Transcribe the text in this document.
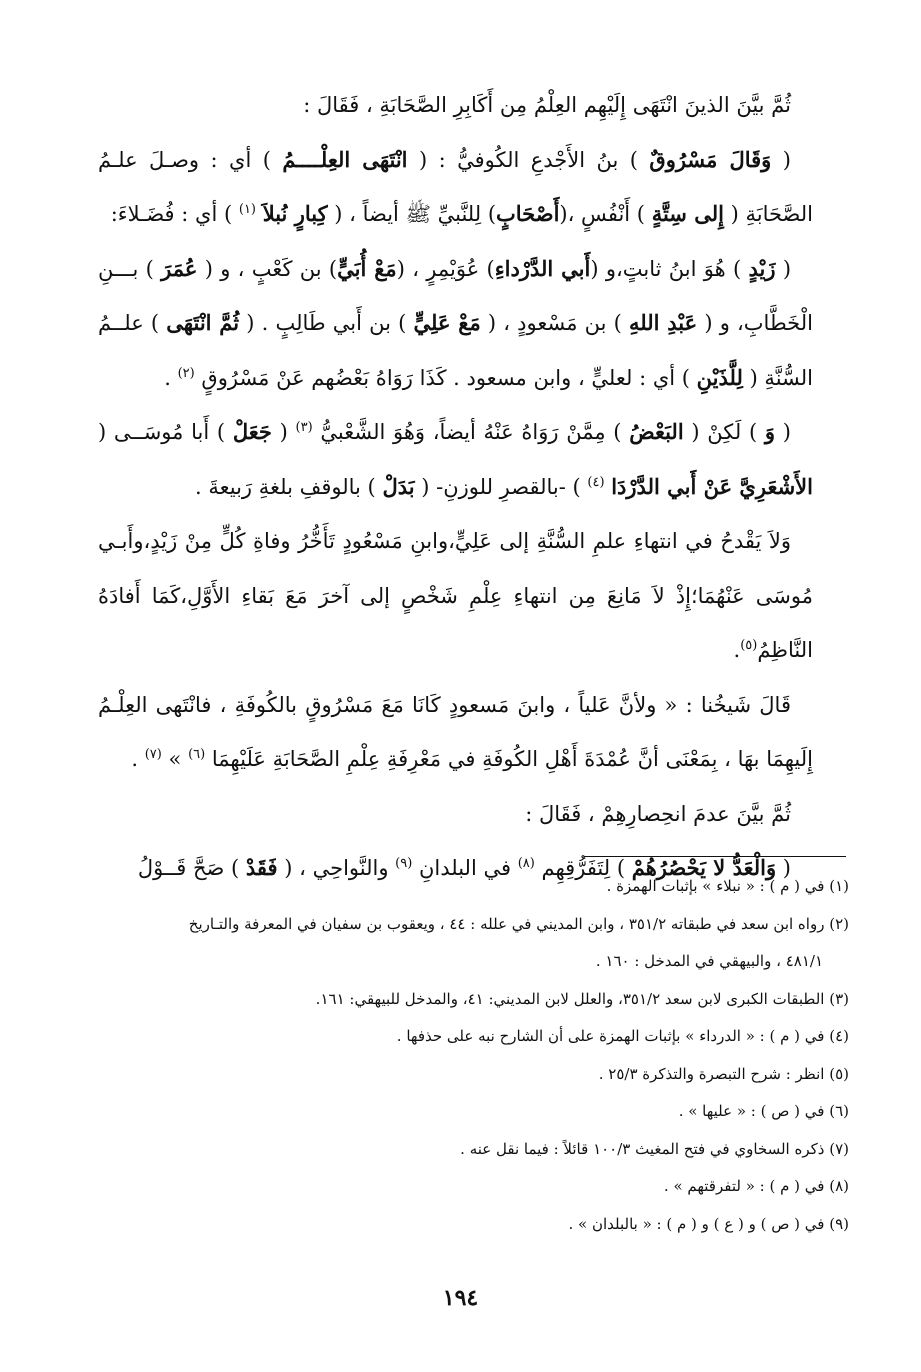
ثُمَّ بيَّنَ الذينَ انْتَهَى إِلَيْهِم العِلْمُ مِن أَكَابِرِ الصَّحَابَةِ ، فَقَالَ :

( وَقَالَ مَسْرُوقٌ ) بنُ الأَجْدعِ الكُوفيُّ : ( انْتَهَى العِلْــــمُ ) أي : وصـلَ علـمُ الصَّحَابَةِ ( إِلى سِتَّةٍ ) أَنْفُسٍ ،(أَصْحَابٍ) لِلنَّبيِّ ﷺ أيضاً ، ( كِبارٍ نُبلاَ $^{(١)}$ ) أي : فُضَـلاءَ:

( زَيْدٍ ) هُوَ ابنُ ثابتٍ،و (أَبي الدَّرْداءِ) عُوَيْمِرٍ ، (مَعْ أُبَيٍّ) بن كَعْبٍ ، و ( عُمَرَ ) بـــنِ الْخَطَّابِ، و ( عَبْدِ اللهِ ) بن مَسْعودٍ ، ( مَعْ عَلِيٍّ ) بن أَبي طَالِبٍ . ( ثُمَّ انْتَهَى ) علــمُ السُّنَّةِ ( لِلَّذَيْنِ ) أي : لعليٍّ ، وابن مسعود . كَذَا رَوَاهُ بَعْضُهم عَنْ مَسْرُوقٍ $^{(٢)}$ .

( وَ ) لَكِنْ ( البَعْضُ ) مِمَّنْ رَوَاهُ عَنْهُ أيضاً، وَهُوَ الشَّعْبيُّ $^{(٣)}$ ( جَعَلْ ) أَبا مُوسَــى ( الأَشْعَرِيَّ عَنْ أَبي الدَّرْدَا $^{(٤)}$ ) -بالقصرِ للوزنِ- ( بَدَلْ ) بالوقفِ بلغةِ رَبيعةَ .

وَلاَ يَقْدحُ في انتهاءِ علمِ السُّنَّةِ إلى عَلِيٍّ،وابنِ مَسْعُودٍ تَأَخُّرُ وفاةِ كُلٍّ مِنْ زَيْدٍ،وأَبـي مُوسَى عَنْهُمَا؛إِذْ لاَ مَانِعَ مِن انتهاءِ عِلْمِ شَخْصٍ إلى آخرَ مَعَ بَقاءِ الأَوَّلِ،كَمَا أَفادَهُ النَّاظِمُ$^{(٥)}$.

قَالَ شَيخُنا : « ولأنَّ عَلياً ، وابنَ مَسعودٍ كَانَا مَعَ مَسْرُوقٍ بالكُوفَةِ ، فانْتَهى العِلْـمُ إِلَيهِمَا بهَا ، بِمَعْنَى أنَّ عُمْدَةَ أَهْلِ الكُوفَةِ في مَعْرِفَةِ عِلْمِ الصَّحَابَةِ عَلَيْهِمَا $^{(٦)}$ » $^{(٧)}$ .

ثُمَّ بيَّنَ عدمَ انحِصارِهِمْ ، فَقَالَ :

( وَالْعَدُّ لا يَحْصُرُهُمْ ) لِتَفَرُّقِهِم $^{(٨)}$ في البلدانِ $^{(٩)}$ والنَّواحِي ، ( فَقَدْ ) صَحَّ قَــوْلُ

(١) في ( م ) : « نبلاء » بإثبات الهمزة .

(٢) رواه ابن سعد في طبقاته ٣٥١/٢ ، وابن المديني في علله : ٤٤ ، ويعقوب بن سفيان في المعرفة والتـاريخ

٤٨١/١ ، والبيهقي في المدخل : ١٦٠ .

(٣) الطبقات الكبرى لابن سعد ٣٥١/٢، والعلل لابن المديني: ٤١، والمدخل للبيهقي: ١٦١.

(٤) في ( م ) : « الدرداء » بإثبات الهمزة على أن الشارح نبه على حذفها .

(٥) انظر : شرح التبصرة والتذكرة ٢٥/٣ .

(٦) في ( ص ) : « عليها » .

(٧) ذكره السخاوي في فتح المغيث ١٠٠/٣ قائلاً : فيما نقل عنه .

(٨) في ( م ) : « لتفرقتهم » .

(٩) في ( ص ) و ( ع ) و ( م ) : « بالبلدان » .

١٩٤
